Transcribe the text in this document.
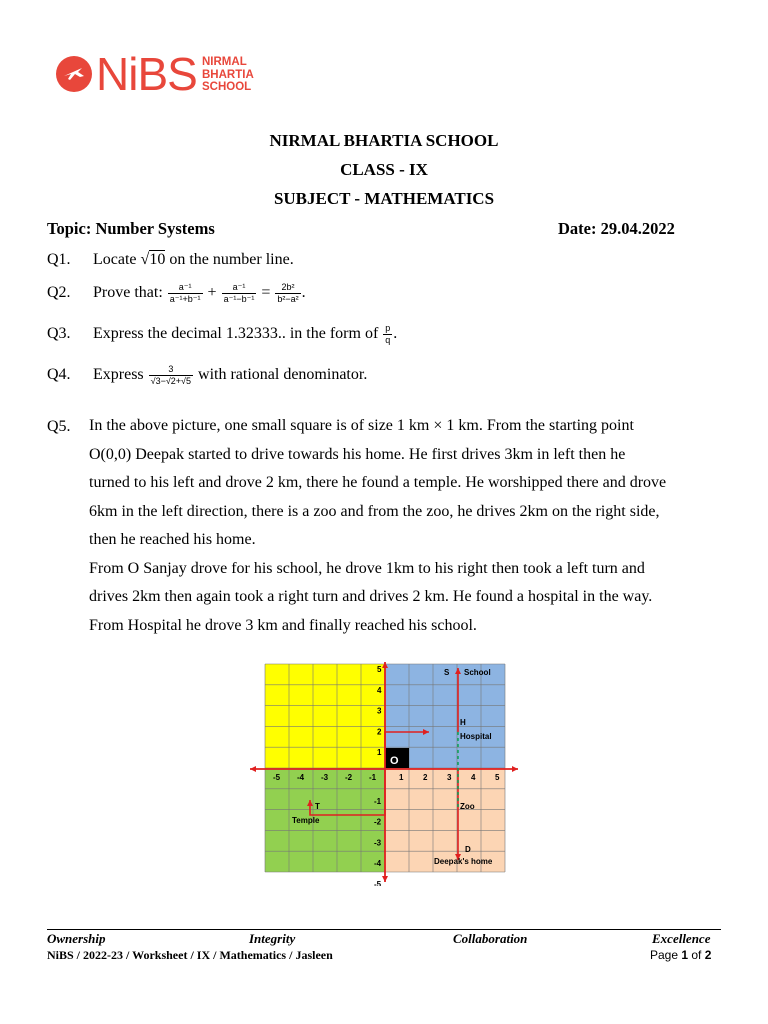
NiBS NIRMAL
BHARTIA
SCHOOL
NIRMAL BHARTIA SCHOOL
CLASS - IX
SUBJECT - MATHEMATICS
Topic: Number Systems	Date: 29.04.2022
Q1. Locate √10 on the number line.
Q2. Prove that: $\frac{\text{a⁻¹}}{\text{a⁻¹+b⁻¹}} + \frac{\text{a⁻¹}}{\text{a⁻¹−b⁻¹}} = \frac{\text{2b²}}{\text{b²−a²}}$ .
Q3. Express the decimal 1.32333.. in the form of $\frac{p}{q}$ .
Q4. Express $\frac{3}{√3-√2+√5}$ with rational denominator.
Q5. In the above picture, one small square is of size 1 km × 1 km. From the starting point
O(0,0) Deepak started to drive towards his home. He first drives 3km in left then he
turned to his left and drove 2 km, there he found a temple. He worshipped there and drove
6km in the left direction, there is a zoo and from the zoo, he drives 2km on the right side,
then he reached his home.
From O Sanjay drove for his school, he drove 1km to his right then took a left turn and
drives 2km then again took a right turn and drives 2 km. He found a hospital in the way.
From Hospital he drove 3 km and finally reached his school.
O
-5 -4 -3 -2 -1	1 2 3 4 5
5
4
3
2
1
-1
-2
-3
-4
-5
S School
H
Hospital
Zoo
D
Deepak's home
T
Temple
Ownership	Integrity	Collaboration	Excellence
NiBS / 2022-23 / Worksheet / IX / Mathematics / Jasleen	Page 1 of 2
